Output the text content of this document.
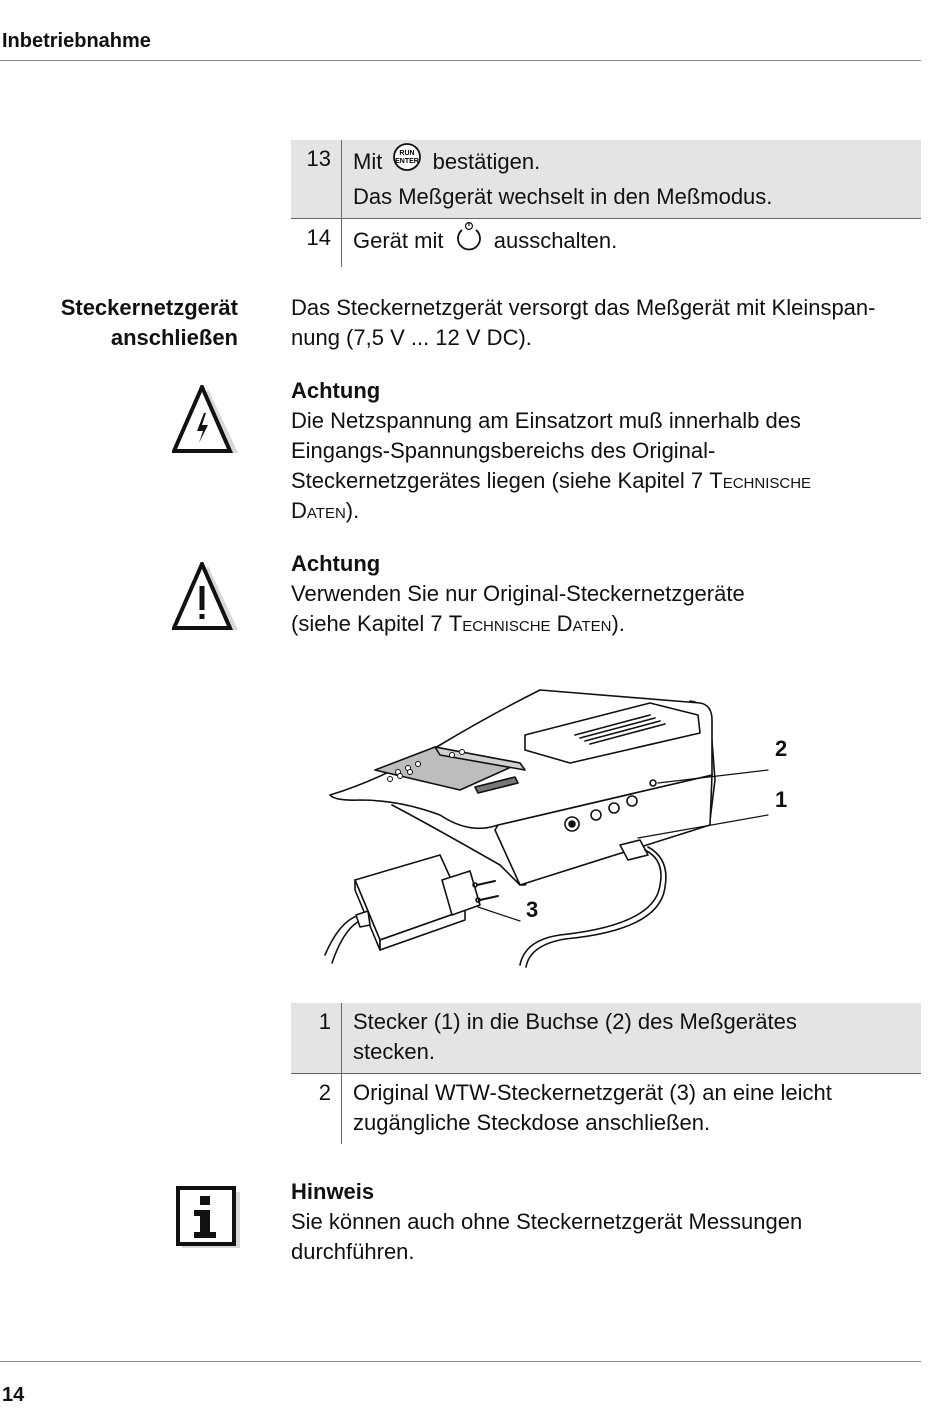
Inbetriebnahme
13	Mit	RUN
ENTER bestätigen.
Das Meßgerät wechselt in den Meßmodus.
14	Gerät mit ausschalten.
Steckernetzgerät
anschließen
Das Steckernetzgerät versorgt das Meßgerät mit Kleinspan-
nung (7,5 V ... 12 V DC).
Achtung
Die Netzspannung am Einsatzort muß innerhalb des
Eingangs-Spannungsbereichs des Original-
Steckernetzgerätes liegen (siehe Kapitel 7 Technische
Daten).
Achtung
Verwenden Sie nur Original-Steckernetzgeräte
(siehe Kapitel 7 Technische Daten).
2
1
3
1	Stecker (1) in die Buchse (2) des Meßgerätes
stecken.
2	Original WTW-Steckernetzgerät (3) an eine leicht
zugängliche Steckdose anschließen.
Hinweis
Sie können auch ohne Steckernetzgerät Messungen
durchführen.
14
